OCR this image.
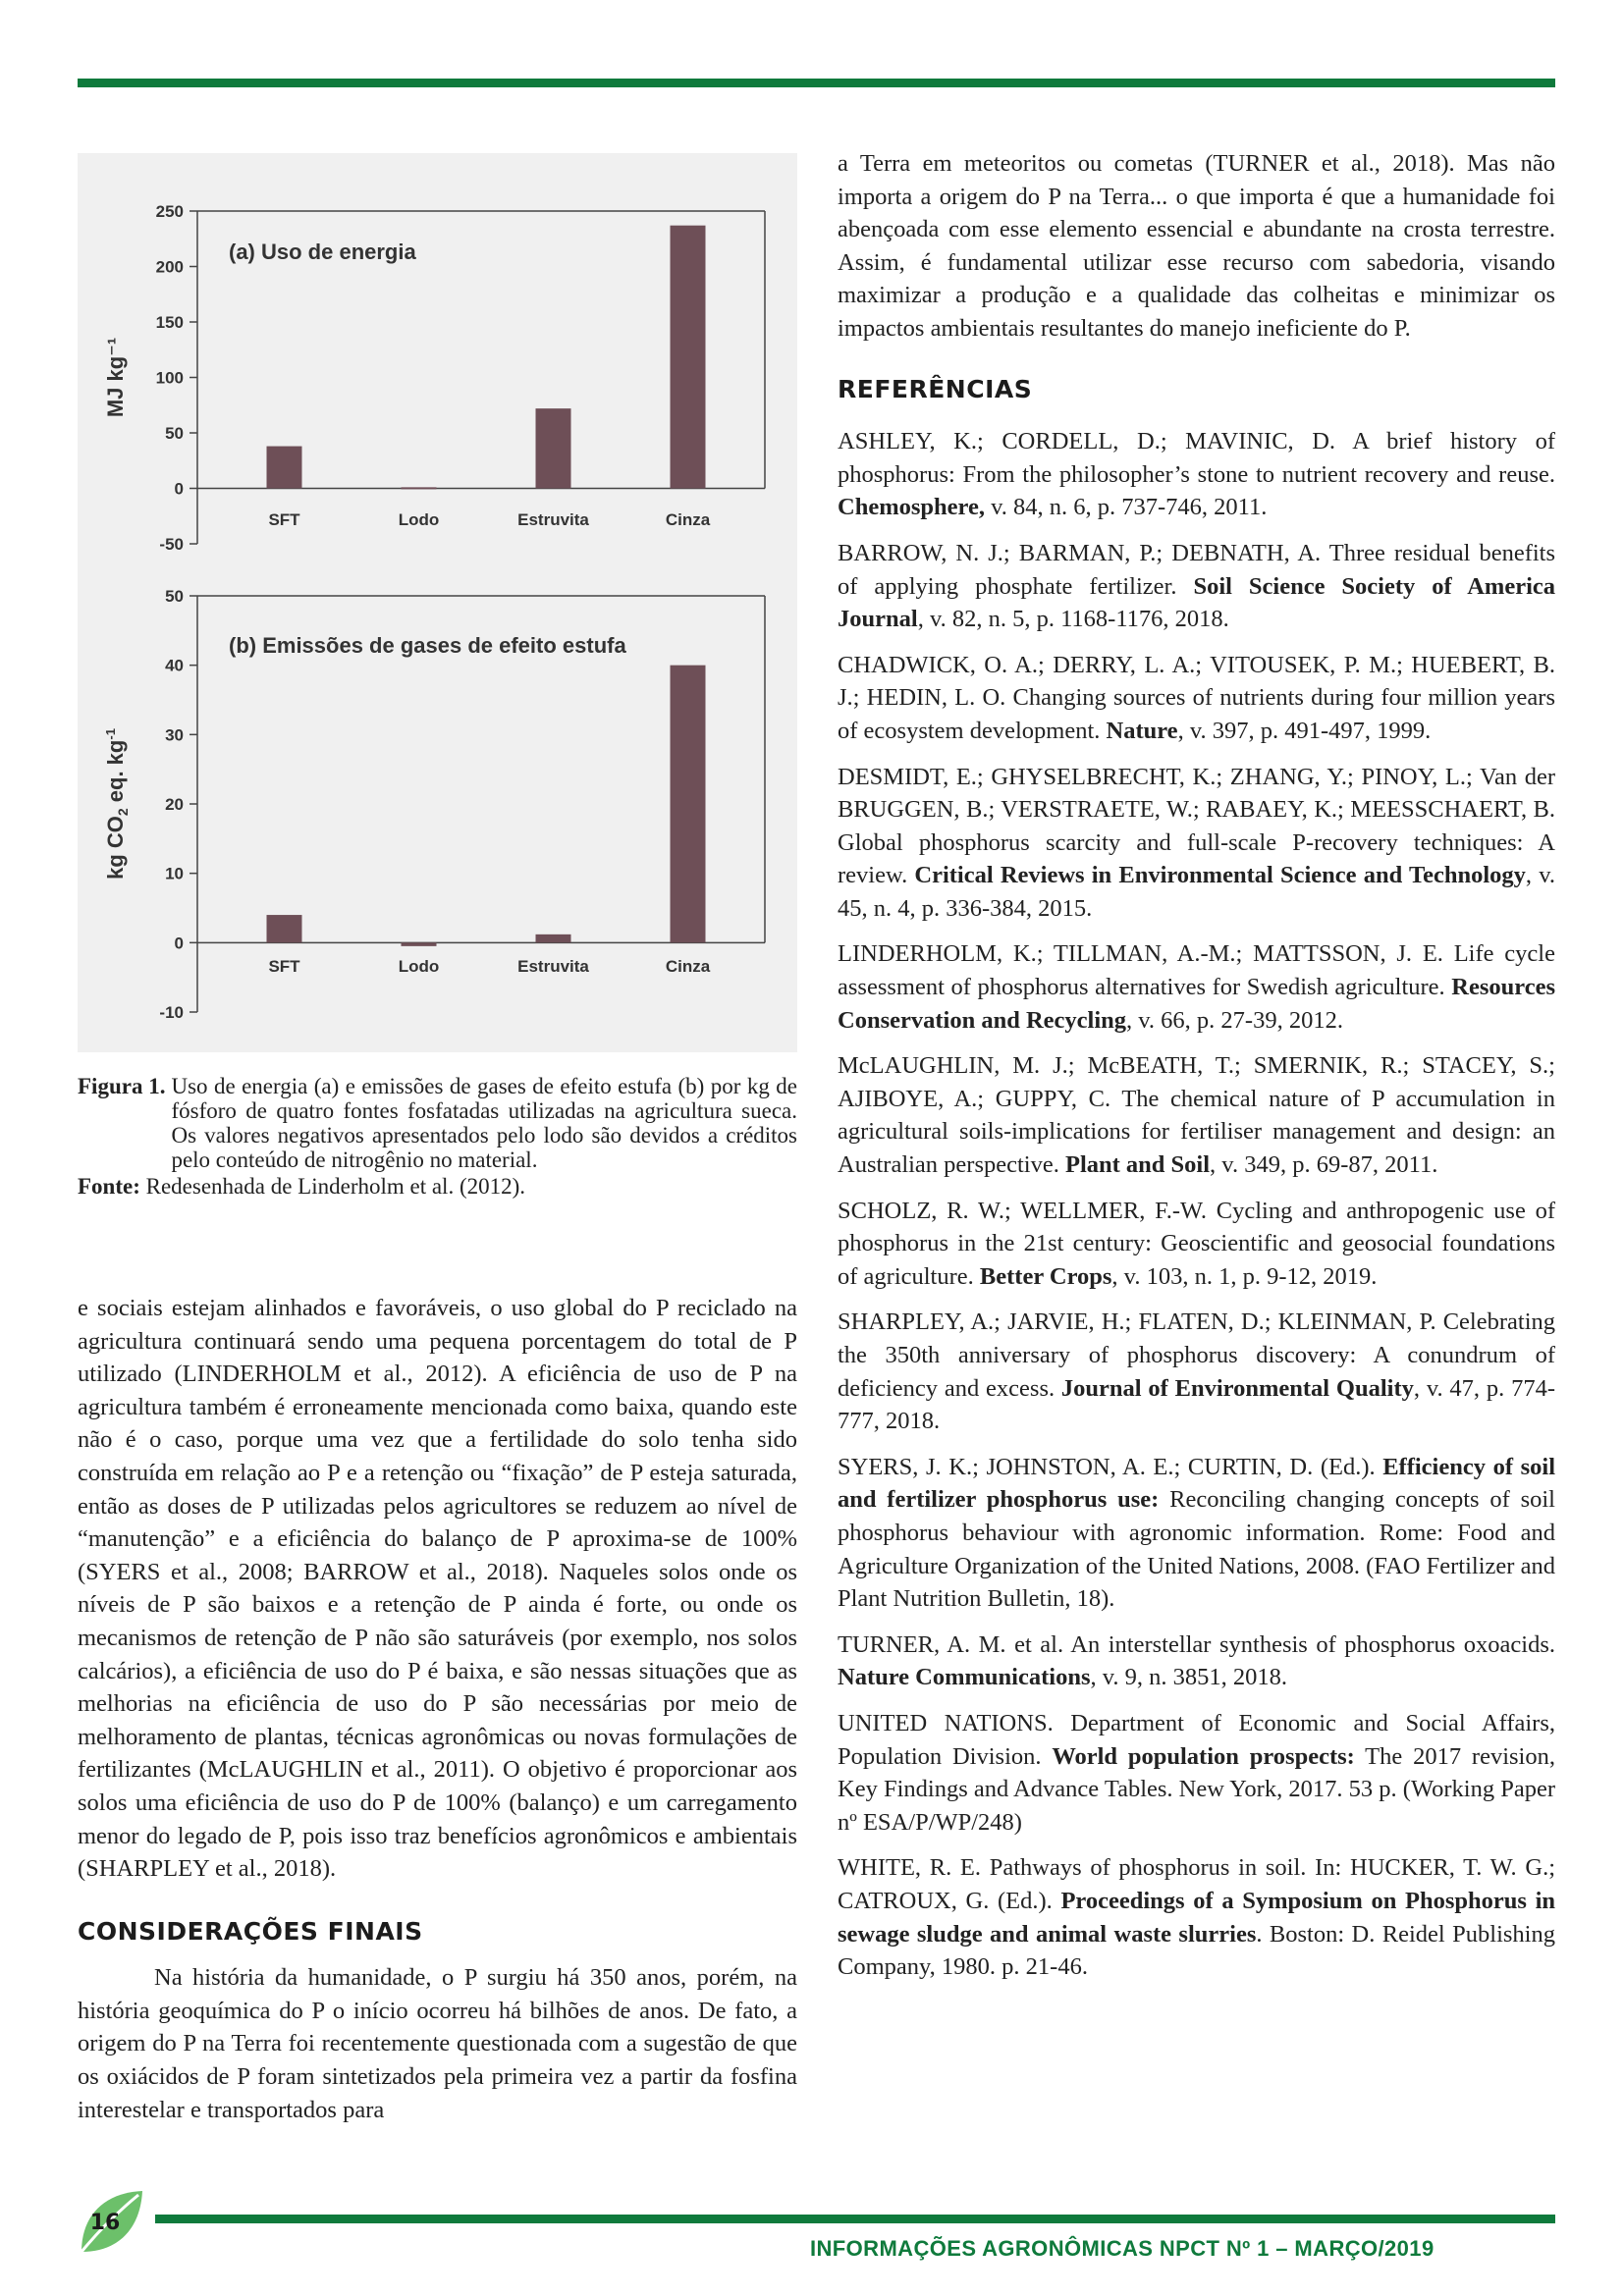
MJ kg⁻¹
(a) Uso de energia
250
200
150
100
50
0
-50
SFT	Lodo	Estruvita	Cinza
kg $CO_2$ eq. $kg^{-1}$
(b) Emissões de gases de efeito estufa
50
40
30
20
10
0
-10
SFT	Lodo	Estruvita	Cinza
Figura 1. Uso de energia (a) e emissões de gases de efeito estufa (b) por kg de fósforo de quatro fontes fosfatadas utilizadas na agricultura sueca. Os valores negativos apresentados pelo lodo são devidos a créditos pelo conteúdo de nitrogênio no material.
Fonte: Redesenhada de Linderholm et al. (2012).

e sociais estejam alinhados e favoráveis, o uso global do P reciclado na agricultura continuará sendo uma pequena porcentagem do total de P utilizado (LINDERHOLM et al., 2012). A eficiência de uso de P na agricultura também é erroneamente mencionada como baixa, quando este não é o caso, porque uma vez que a fertilidade do solo tenha sido construída em relação ao P e a retenção ou “fixação” de P esteja saturada, então as doses de P utilizadas pelos agricultores se reduzem ao nível de “manutenção” e a eficiência do balanço de P aproxima-se de 100% (SYERS et al., 2008; BARROW et al., 2018). Naqueles solos onde os níveis de P são baixos e a retenção de P ainda é forte, ou onde os mecanismos de retenção de P não são saturáveis (por exemplo, nos solos calcários), a eficiência de uso do P é baixa, e são nessas situações que as melhorias na eficiência de uso do P são necessárias por meio de melhoramento de plantas, técnicas agronômicas ou novas formulações de fertilizantes (McLAUGHLIN et al., 2011). O objetivo é proporcionar aos solos uma eficiência de uso do P de 100% (balanço) e um carregamento menor do legado de P, pois isso traz benefícios agronômicos e ambientais (SHARPLEY et al., 2018).

CONSIDERAÇÕES FINAIS

Na história da humanidade, o P surgiu há 350 anos, porém, na história geoquímica do P o início ocorreu há bilhões de anos. De fato, a origem do P na Terra foi recentemente questionada com a sugestão de que os oxiácidos de P foram sintetizados pela primeira vez a partir da fosfina interestelar e transportados para

a Terra em meteoritos ou cometas (TURNER et al., 2018). Mas não importa a origem do P na Terra... o que importa é que a humanidade foi abençoada com esse elemento essencial e abundante na crosta terrestre. Assim, é fundamental utilizar esse recurso com sabedoria, visando maximizar a produção e a qualidade das colheitas e minimizar os impactos ambientais resultantes do manejo ineficiente do P.

REFERÊNCIAS

ASHLEY, K.; CORDELL, D.; MAVINIC, D. A brief history of phosphorus: From the philosopher’s stone to nutrient recovery and reuse. Chemosphere, v. 84, n. 6, p. 737-746, 2011.

BARROW, N. J.; BARMAN, P.; DEBNATH, A. Three residual benefits of applying phosphate fertilizer. Soil Science Society of America Journal, v. 82, n. 5, p. 1168-1176, 2018.

CHADWICK, O. A.; DERRY, L. A.; VITOUSEK, P. M.; HUEBERT, B. J.; HEDIN, L. O. Changing sources of nutrients during four million years of ecosystem development. Nature, v. 397, p. 491-497, 1999.

DESMIDT, E.; GHYSELBRECHT, K.; ZHANG, Y.; PINOY, L.; Van der BRUGGEN, B.; VERSTRAETE, W.; RABAEY, K.; MEESSCHAERT, B. Global phosphorus scarcity and full-scale P-recovery techniques: A review. Critical Reviews in Environmental Science and Technology, v. 45, n. 4, p. 336-384, 2015.

LINDERHOLM, K.; TILLMAN, A.-M.; MATTSSON, J. E. Life cycle assessment of phosphorus alternatives for Swedish agriculture. Resources Conservation and Recycling, v. 66, p. 27-39, 2012.

McLAUGHLIN, M. J.; McBEATH, T.; SMERNIK, R.; STACEY, S.; AJIBOYE, A.; GUPPY, C. The chemical nature of P accumulation in agricultural soils-implications for fertiliser management and design: an Australian perspective. Plant and Soil, v. 349, p. 69-87, 2011.

SCHOLZ, R. W.; WELLMER, F.-W. Cycling and anthropogenic use of phosphorus in the 21st century: Geoscientific and geosocial foundations of agriculture. Better Crops, v. 103, n. 1, p. 9-12, 2019.

SHARPLEY, A.; JARVIE, H.; FLATEN, D.; KLEINMAN, P. Celebrating the 350th anniversary of phosphorus discovery: A conundrum of deficiency and excess. Journal of Environmental Quality, v. 47, p. 774-777, 2018.

SYERS, J. K.; JOHNSTON, A. E.; CURTIN, D. (Ed.). Efficiency of soil and fertilizer phosphorus use: Reconciling changing concepts of soil phosphorus behaviour with agronomic information. Rome: Food and Agriculture Organization of the United Nations, 2008. (FAO Fertilizer and Plant Nutrition Bulletin, 18).

TURNER, A. M. et al. An interstellar synthesis of phosphorus oxoacids. Nature Communications, v. 9, n. 3851, 2018.

UNITED NATIONS. Department of Economic and Social Affairs, Population Division. World population prospects: The 2017 revision, Key Findings and Advance Tables. New York, 2017. 53 p. (Working Paper nº ESA/P/WP/248)

WHITE, R. E. Pathways of phosphorus in soil. In: HUCKER, T. W. G.; CATROUX, G. (Ed.). Proceedings of a Symposium on Phosphorus in sewage sludge and animal waste slurries. Boston: D. Reidel Publishing Company, 1980. p. 21-46.

16
INFORMAÇÕES AGRONÔMICAS NPCT Nº 1 – MARÇO/2019
